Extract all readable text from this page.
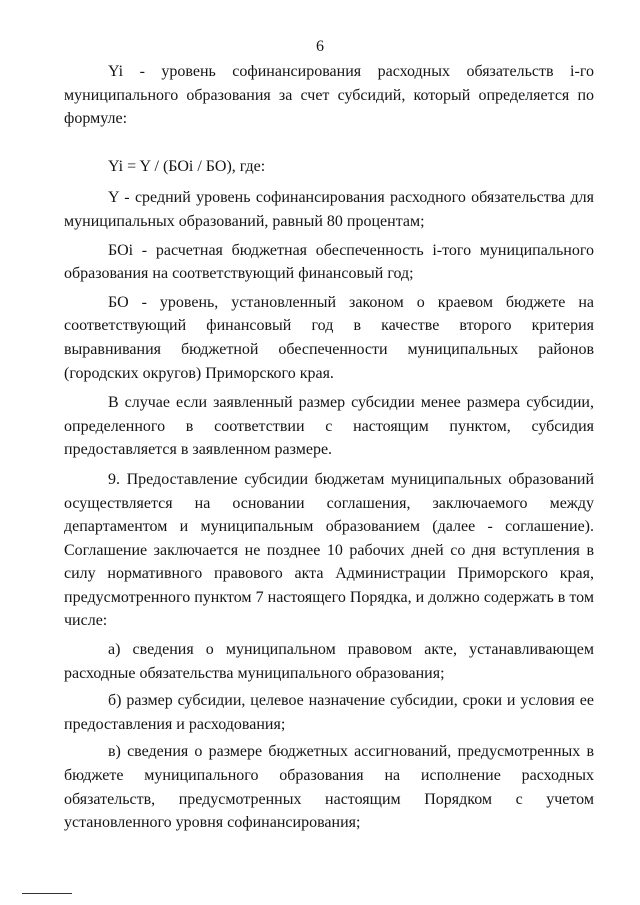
6

Yi - уровень софинансирования расходных обязательств i-го муниципального образования за счет субсидий, который определяется по формуле:

Yi = Y / (БОi / БО), где:

Y - средний уровень софинансирования расходного обязательства для муниципальных образований, равный 80 процентам;

БОi - расчетная бюджетная обеспеченность i-того муниципального образования на соответствующий финансовый год;

БО - уровень, установленный законом о краевом бюджете на соответствующий финансовый год в качестве второго критерия выравнивания бюджетной обеспеченности муниципальных районов (городских округов) Приморского края.

В случае если заявленный размер субсидии менее размера субсидии, определенного в соответствии с настоящим пунктом, субсидия предоставляется в заявленном размере.

9. Предоставление субсидии бюджетам муниципальных образований осуществляется на основании соглашения, заключаемого между департаментом и муниципальным образованием (далее - соглашение). Соглашение заключается не позднее 10 рабочих дней со дня вступления в силу нормативного правового акта Администрации Приморского края, предусмотренного пунктом 7 настоящего Порядка, и должно содержать в том числе:

а) сведения о муниципальном правовом акте, устанавливающем расходные обязательства муниципального образования;

б) размер субсидии, целевое назначение субсидии, сроки и условия ее предоставления и расходования;

в) сведения о размере бюджетных ассигнований, предусмотренных в бюджете муниципального образования на исполнение расходных обязательств, предусмотренных настоящим Порядком с учетом установленного уровня софинансирования;
